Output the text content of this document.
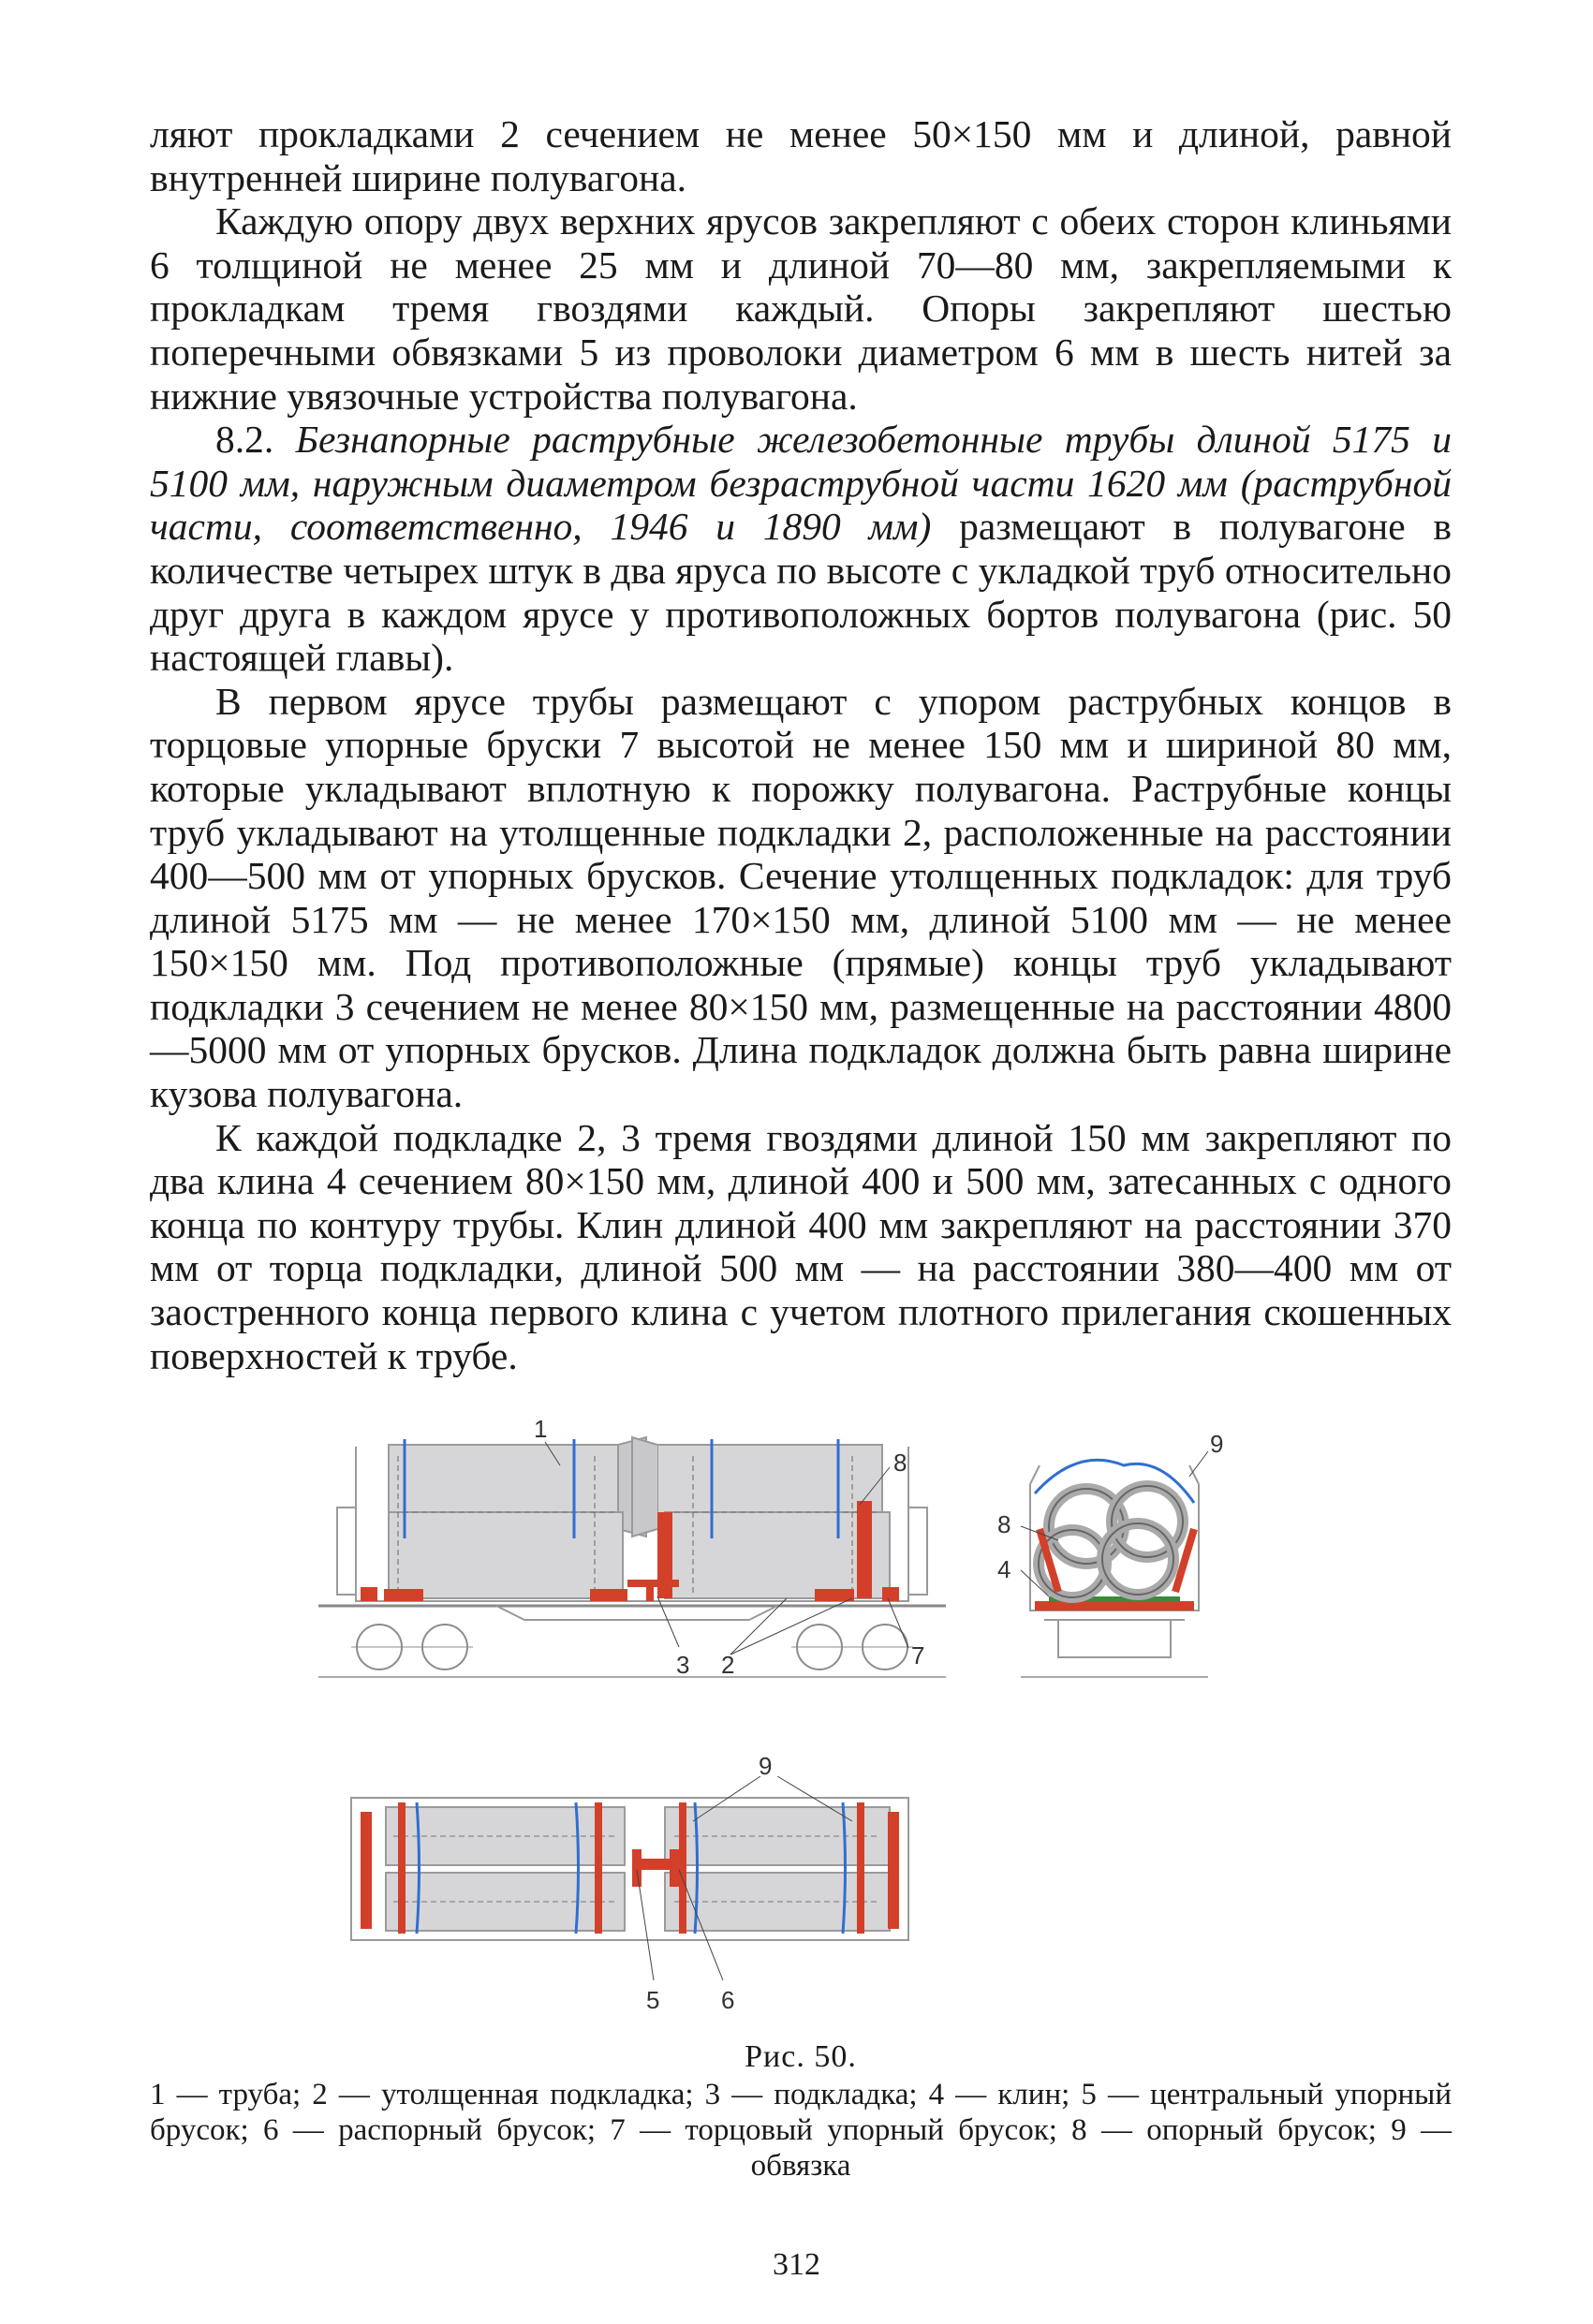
ляют прокладками 2 сечением не менее 50×150 мм и длиной, равной внутренней ширине полувагона.

Каждую опору двух верхних ярусов закрепляют с обеих сторон клиньями 6 толщиной не менее 25 мм и длиной 70—80 мм, закрепляемыми к прокладкам тремя гвоздями каждый. Опоры закрепляют шестью поперечными обвязками 5 из проволоки диаметром 6 мм в шесть нитей за нижние увязочные устройства полувагона.

8.2. Безнапорные раструбные железобетонные трубы длиной 5175 и 5100 мм, наружным диаметром безраструбной части 1620 мм (раструбной части, соответственно, 1946 и 1890 мм) размещают в полувагоне в количестве четырех штук в два яруса по высоте с укладкой труб относительно друг друга в каждом ярусе у противоположных бортов полувагона (рис. 50 настоящей главы).

В первом ярусе трубы размещают с упором раструбных концов в торцовые упорные бруски 7 высотой не менее 150 мм и шириной 80 мм, которые укладывают вплотную к порожку полувагона. Раструбные концы труб укладывают на утолщенные подкладки 2, расположенные на расстоянии 400—500 мм от упорных брусков. Сечение утолщенных подкладок: для труб длиной 5175 мм — не менее 170×150 мм, длиной 5100 мм — не менее 150×150 мм. Под противоположные (прямые) концы труб укладывают подкладки 3 сечением не менее 80×150 мм, размещенные на расстоянии 4800—5000 мм от упорных брусков. Длина подкладок должна быть равна ширине кузова полувагона.

К каждой подкладке 2, 3 тремя гвоздями длиной 150 мм закрепляют по два клина 4 сечением 80×150 мм, длиной 400 и 500 мм, затесанных с одного конца по контуру трубы. Клин длиной 400 мм закрепляют на расстоянии 370 мм от торца подкладки, длиной 500 мм — на расстоянии 380—400 мм от заостренного конца первого клина с учетом плотного прилегания скошенных поверхностей к трубе.

1
8
3 2	7
9
8
4
9
5	6
Рис. 50.
1 — труба; 2 — утолщенная подкладка; 3 — подкладка; 4 — клин; 5 — центральный упорный брусок; 6 — распорный брусок; 7 — торцовый упорный брусок; 8 — опорный брусок; 9 — обвязка
312
